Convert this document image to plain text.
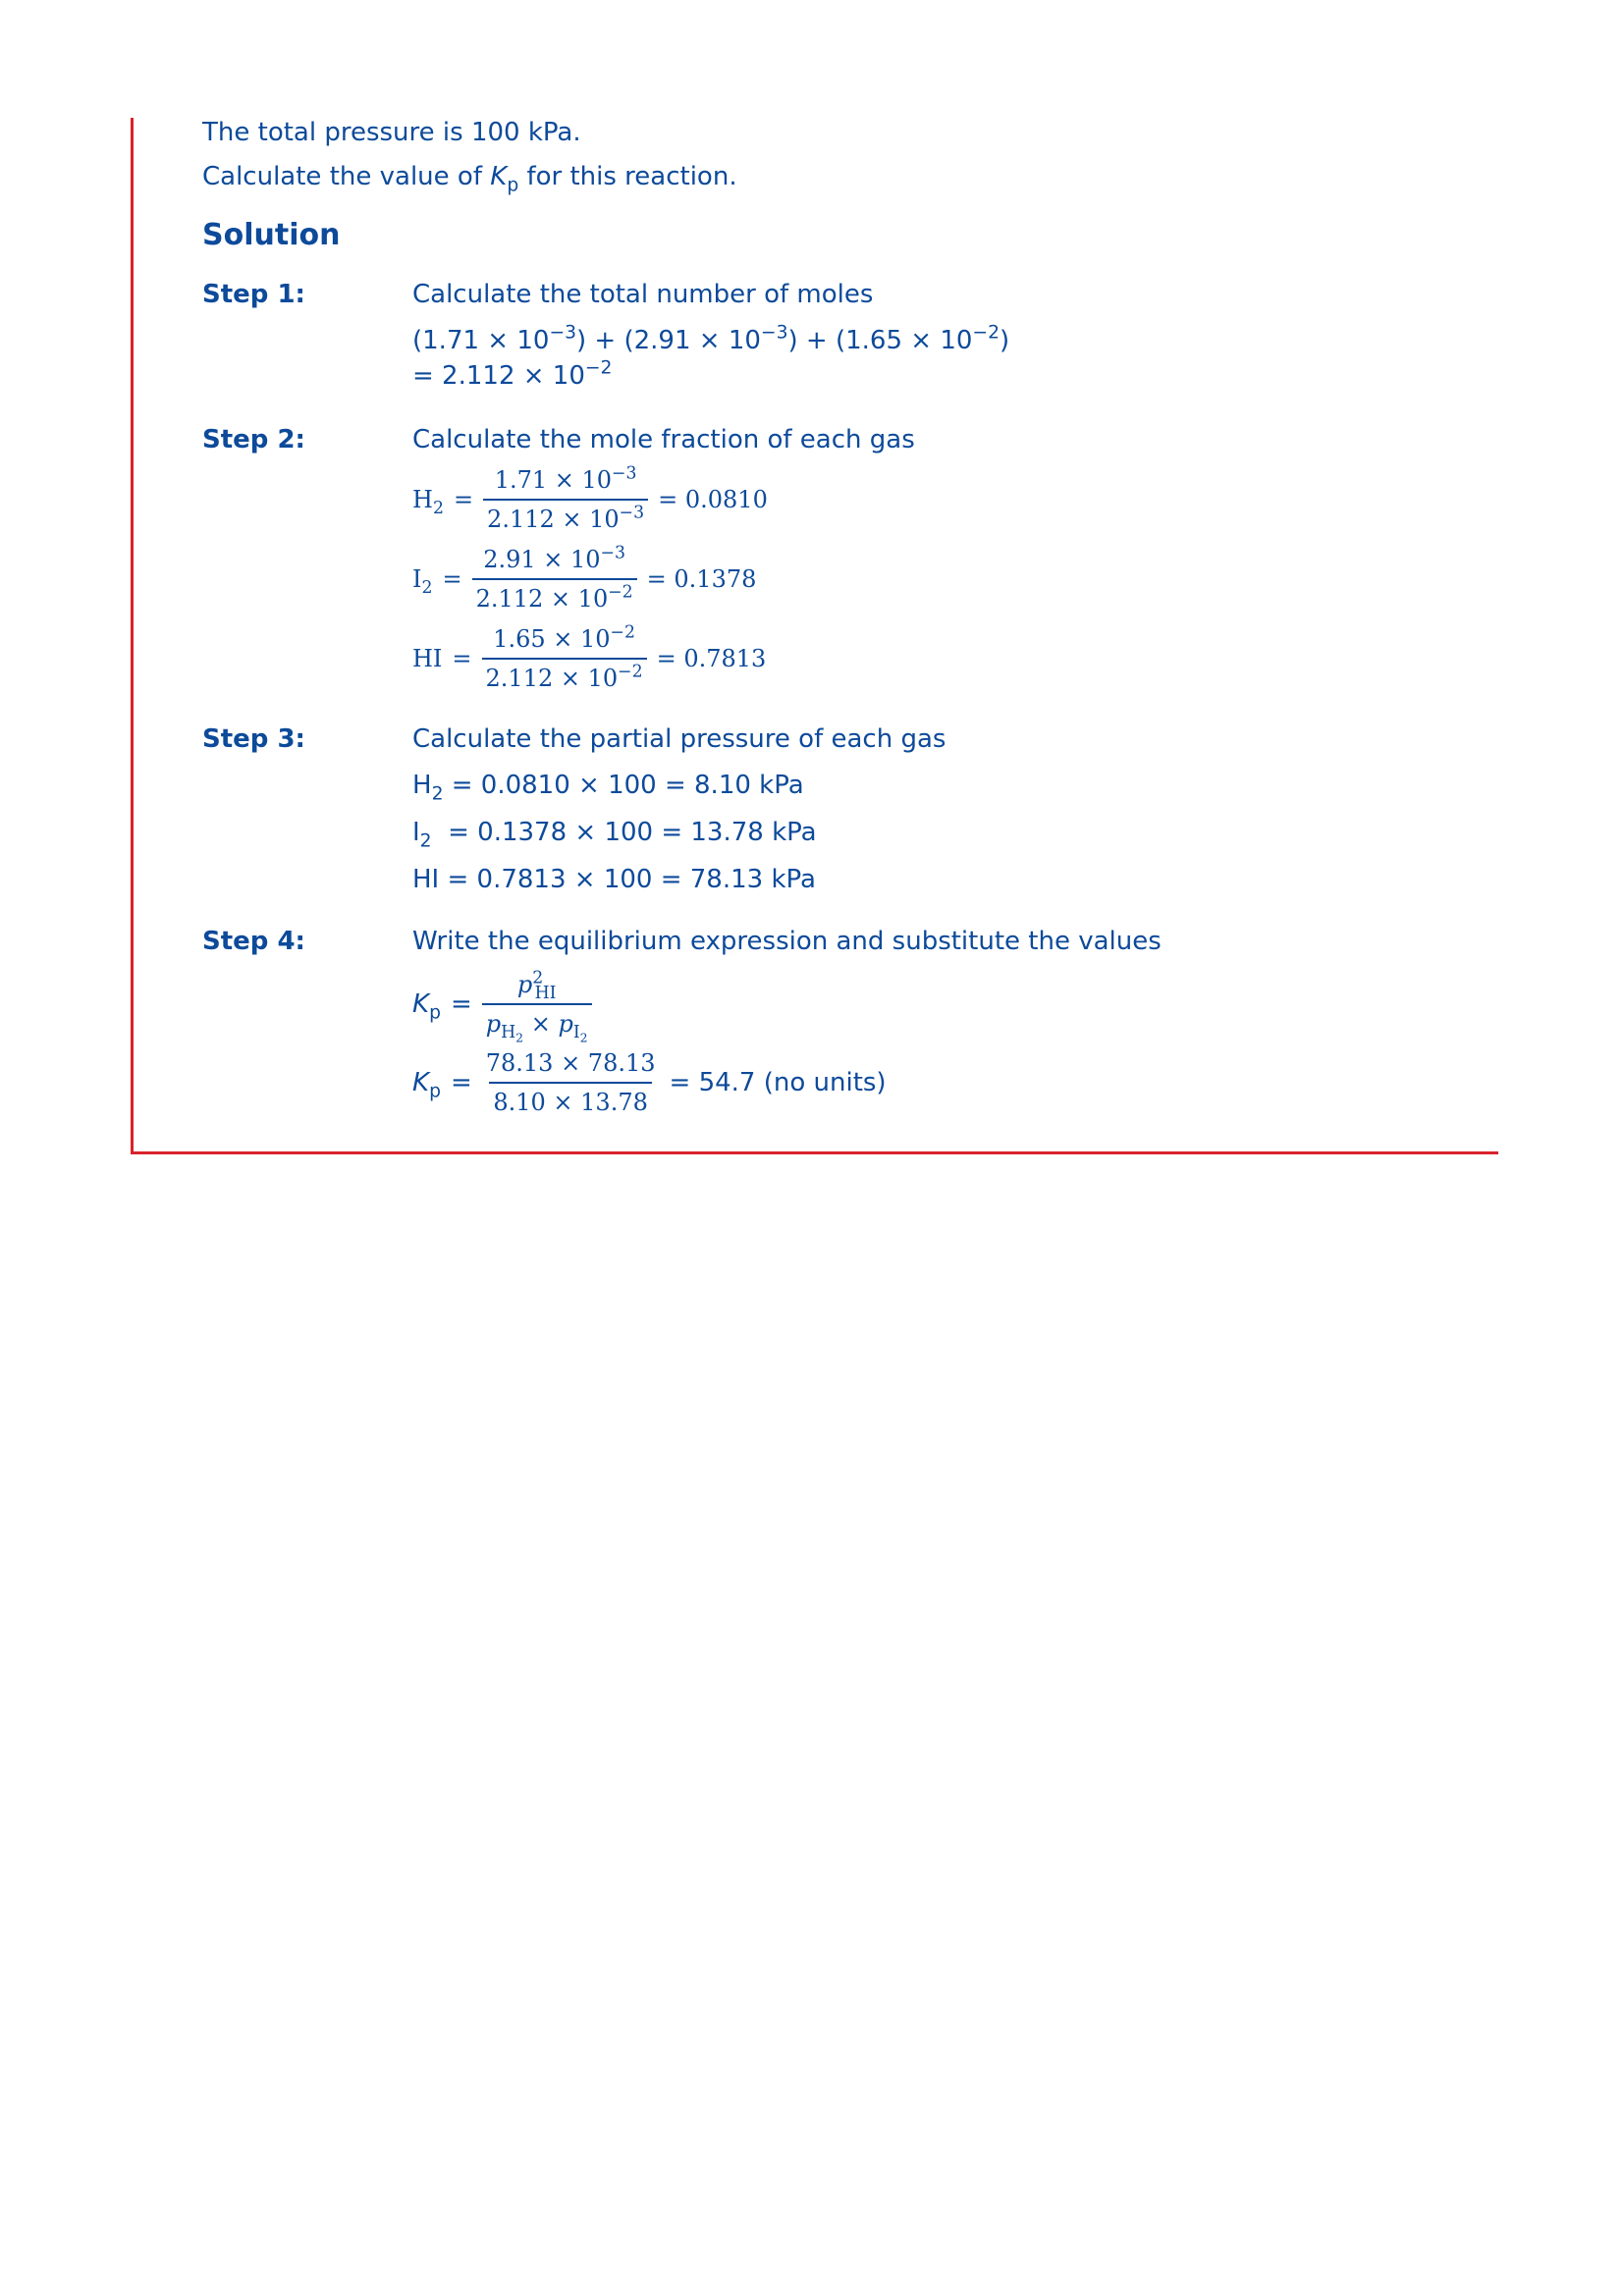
The total pressure is 100 kPa.
Calculate the value of $K_p$ for this reaction.
Solution
Step 1:	Calculate the total number of moles
$(1.71 \times 10^{-3}) + (2.91 \times 10^{-3}) + (1.65 \times 10^{-2})$
= $2.112 \times 10^{-2}$
Step 2:	Calculate the mole fraction of each gas
$H_2 = \frac{1.71 \times 10^{-3}}{2.112 \times 10^{-3}} = 0.0810$
$I_2 = \frac{2.91 \times 10^{-3}}{2.112 \times 10^{-2}} = 0.1378$
HI = $\frac{1.65 \times 10^{-2}}{2.112 \times 10^{-2}} = 0.7813$
Step 3:	Calculate the partial pressure of each gas
$H_2 = 0.0810 \times 100 = 8.10$ kPa
$I_2 = 0.1378 \times 100 = 13.78$ kPa
HI = 0.7813 × 100 = 78.13 kPa
Step 4:	Write the equilibrium expression and substitute the values
$K_p = \frac{p^2_{HI}}{p_{H_2} \times p_{I_2}}$
$K_p = \frac{78.13 \times 78.13}{8.10 \times 13.78} = 54.7$ (no units)
